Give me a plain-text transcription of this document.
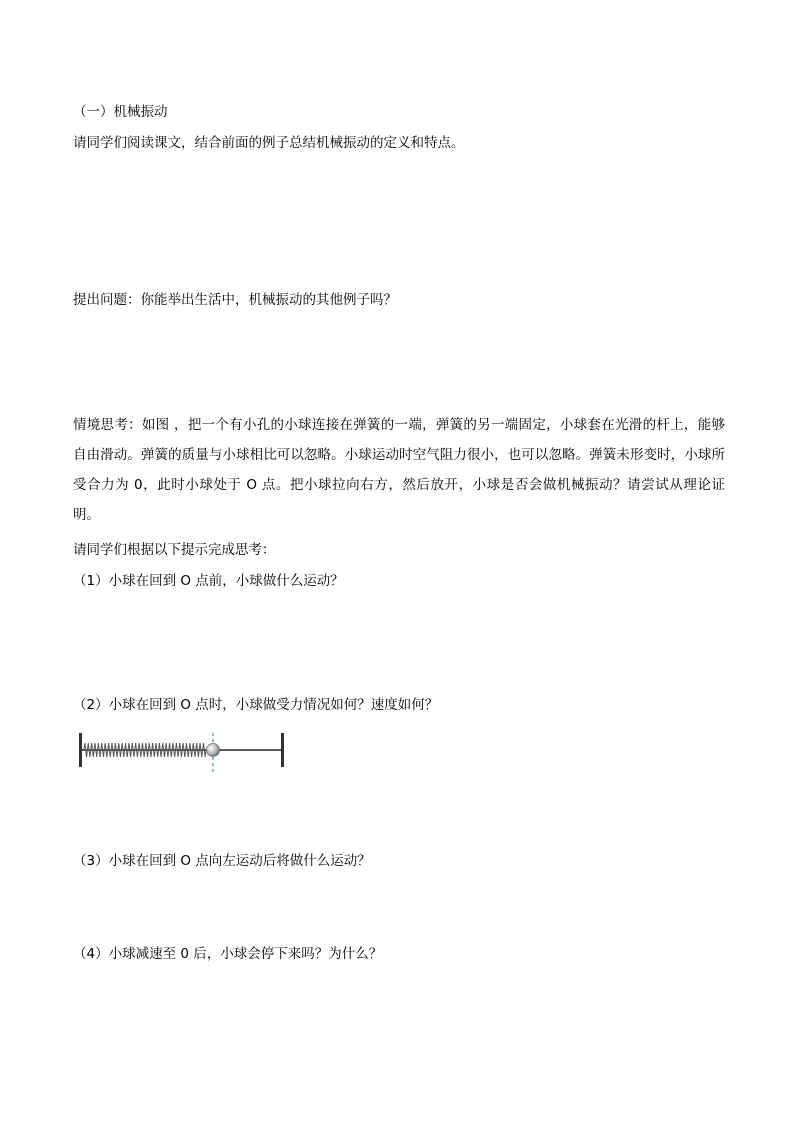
（一）机械振动
请同学们阅读课文，结合前面的例子总结机械振动的定义和特点。
提出问题：你能举出生活中，机械振动的其他例子吗？
情境思考：如图 ，把一个有小孔的小球连接在弹簧的一端，弹簧的另一端固定，小球套在光滑的杆上，能够自由滑动。弹簧的质量与小球相比可以忽略。小球运动时空气阻力很小，也可以忽略。弹簧未形变时，小球所受合力为 0，此时小球处于 O 点。把小球拉向右方，然后放开，小球是否会做机械振动？请尝试从理论证明。
请同学们根据以下提示完成思考：
（1）小球在回到 O 点前，小球做什么运动？
（2）小球在回到 O 点时，小球做受力情况如何？速度如何？
（3）小球在回到 O 点向左运动后将做什么运动？
（4）小球减速至 0 后，小球会停下来吗？为什么？
